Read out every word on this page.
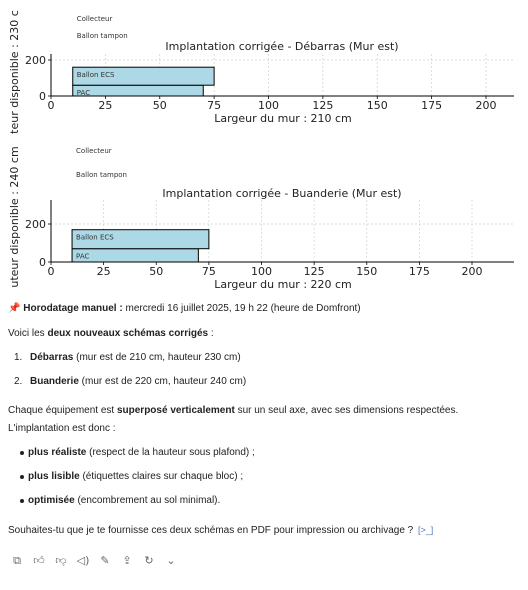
PAC
Ballon ECS
Ballon tampon
Collecteur
0	25	50	75	100	125	150	175	200
0
200
Implantation corrigée - Débarras (Mur est)
Largeur du mur : 210 cm
teur disponible : 230 c
PAC
Ballon ECS
Ballon tampon
Collecteur
0	25	50	75	100	125	150	175	200
0
200
Implantation corrigée - Buanderie (Mur est)
Largeur du mur : 220 cm
uteur disponible : 240 cm
📌 Horodatage manuel : mercredi 16 juillet 2025, 19 h 22 (heure de Domfront)
Voici les deux nouveaux schémas corrigés :
1. Débarras (mur est de 210 cm, hauteur 230 cm)
2. Buanderie (mur est de 220 cm, hauteur 240 cm)
Chaque équipement est superposé verticalement sur un seul axe, avec ses dimensions respectées.
L'implantation est donc :
plus réaliste (respect de la hauteur sous plafond) ;
plus lisible (étiquettes claires sur chaque bloc) ;
optimisée (encombrement au sol minimal).
Souhaites-tu que je te fournisse ces deux schémas en PDF pour impression ou archivage ? [>_]
⧉ 👍︎ 👎︎ ◁) ✎ ⇪ ↻ ⌄
